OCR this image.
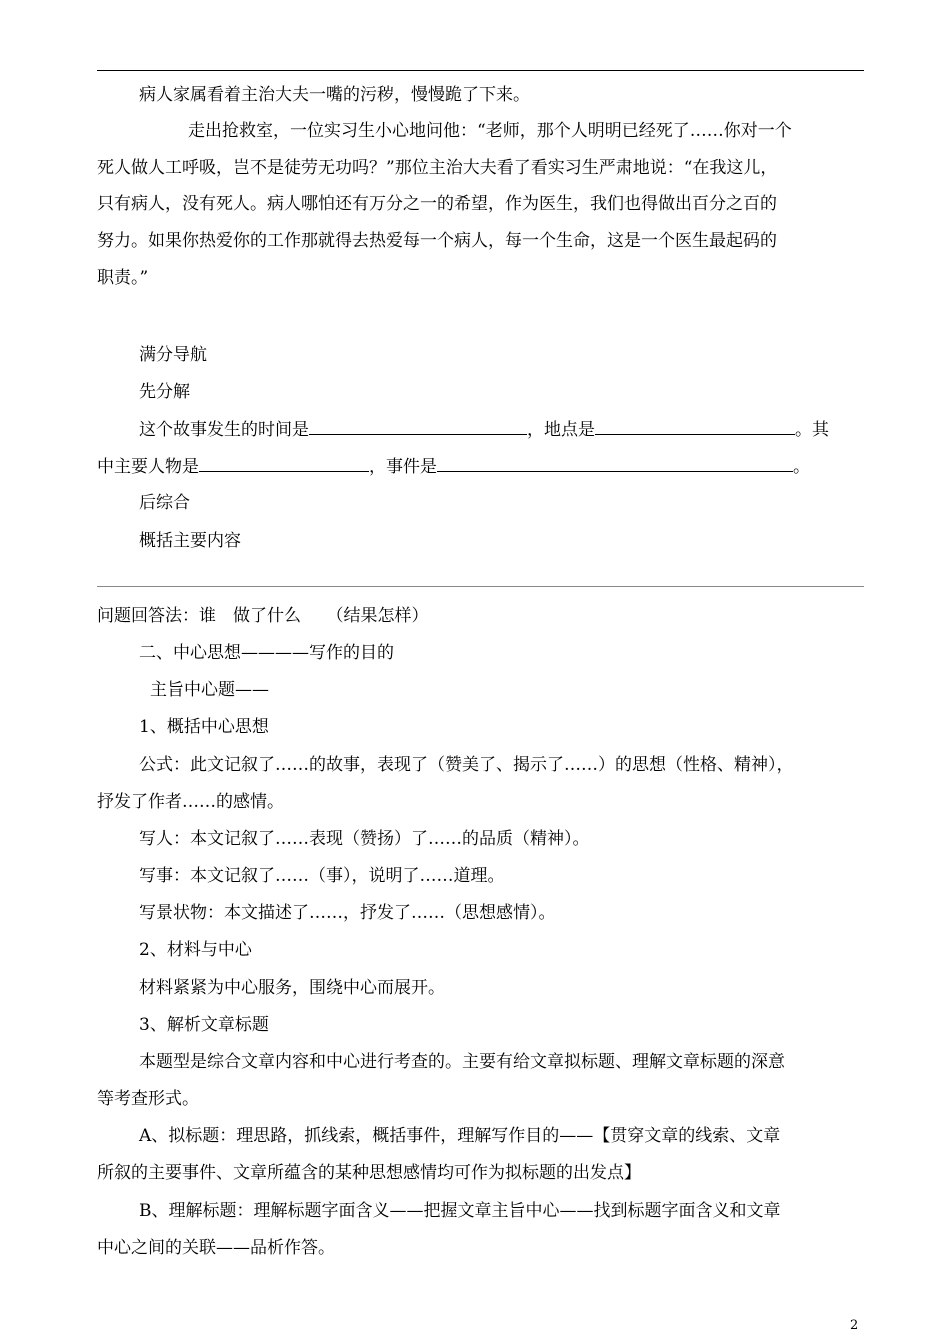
病人家属看着主治大夫一嘴的污秽，慢慢跪了下来。
走出抢救室，一位实习生小心地问他：“老师，那个人明明已经死了……你对一个
死人做人工呼吸，岂不是徒劳无功吗？”那位主治大夫看了看实习生严肃地说：“在我这儿，
只有病人，没有死人。病人哪怕还有万分之一的希望，作为医生，我们也得做出百分之百的
努力。如果你热爱你的工作那就得去热爱每一个病人，每一个生命，这是一个医生最起码的
职责。”
满分导航
先分解
这个故事发生的时间是	，地点是	。其
中主要人物是	，事件是	。
后综合
概括主要内容
问题回答法：谁　做了什么　　（结果怎样）
二、中心思想————写作的目的
主旨中心题——
1、概括中心思想
公式：此文记叙了……的故事，表现了（赞美了、揭示了……）的思想（性格、精神），
抒发了作者……的感情。
写人：本文记叙了……表现（赞扬）了……的品质（精神）。
写事：本文记叙了……（事），说明了……道理。
写景状物：本文描述了……，抒发了……（思想感情）。
2、材料与中心
材料紧紧为中心服务，围绕中心而展开。
3、解析文章标题
本题型是综合文章内容和中心进行考查的。主要有给文章拟标题、理解文章标题的深意
等考查形式。
A、拟标题：理思路，抓线索，概括事件，理解写作目的——【贯穿文章的线索、文章
所叙的主要事件、文章所蕴含的某种思想感情均可作为拟标题的出发点】
B、理解标题：理解标题字面含义——把握文章主旨中心——找到标题字面含义和文章
中心之间的关联——品析作答。
2
